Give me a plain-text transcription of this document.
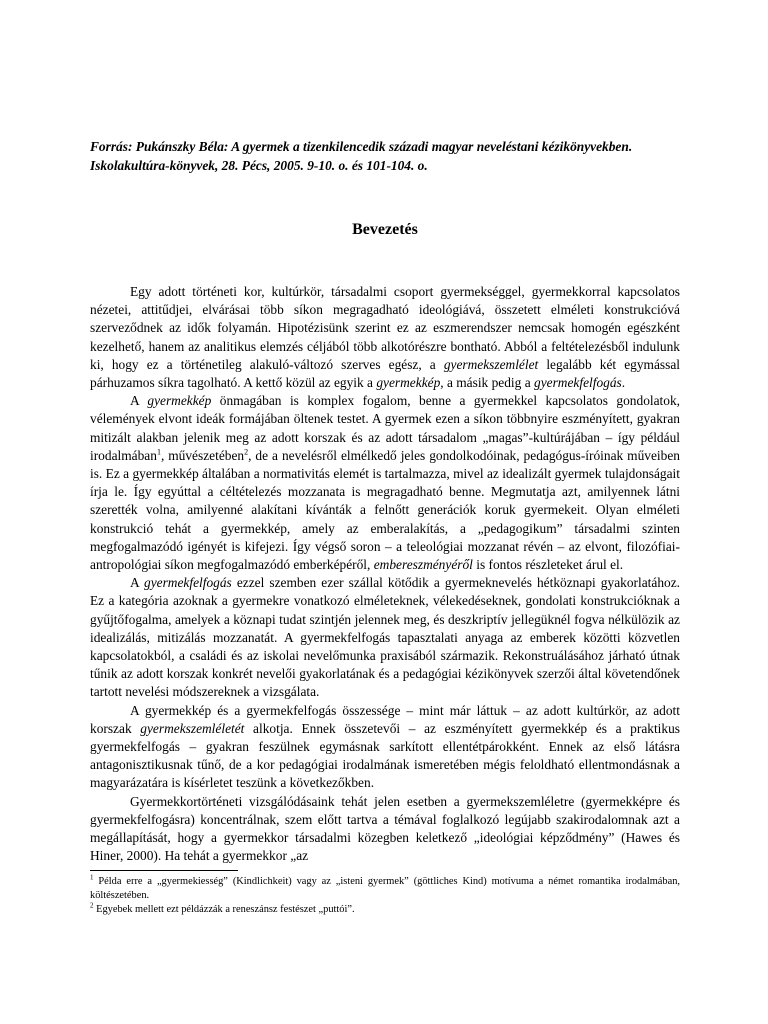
Forrás: Pukánszky Béla: A gyermek a tizenkilencedik századi magyar neveléstani kézikönyvekben. Iskolakultúra-könyvek, 28. Pécs, 2005. 9-10. o. és 101-104. o.

Bevezetés

Egy adott történeti kor, kultúrkör, társadalmi csoport gyermekséggel, gyermekkorral kapcsolatos nézetei, attitűdjei, elvárásai több síkon megragadható ideológiává, összetett elméleti konstrukcióvá szerveződnek az idők folyamán. Hipotézisünk szerint ez az eszmerendszer nemcsak homogén egészként kezelhető, hanem az analitikus elemzés céljából több alkotórészre bontható. Abból a feltételezésből indulunk ki, hogy ez a történetileg alakuló-változó szerves egész, a gyermekszemlélet legalább két egymással párhuzamos síkra tagolható. A kettő közül az egyik a gyermekkép, a másik pedig a gyermekfelfogás.

A gyermekkép önmagában is komplex fogalom, benne a gyermekkel kapcsolatos gondolatok, vélemények elvont ideák formájában öltenek testet. A gyermek ezen a síkon többnyire eszményített, gyakran mitizált alakban jelenik meg az adott korszak és az adott társadalom „magas”-kultúrájában – így például irodalmában$^1$, művészetében$^2$, de a nevelésről elmélkedő jeles gondolkodóinak, pedagógus-íróinak műveiben is. Ez a gyermekkép általában a normativitás elemét is tartalmazza, mivel az idealizált gyermek tulajdonságait írja le. Így egyúttal a céltételezés mozzanata is megragadható benne. Megmutatja azt, amilyennek látni szerették volna, amilyenné alakítani kívánták a felnőtt generációk koruk gyermekeit. Olyan elméleti konstrukció tehát a gyermekkép, amely az emberalakítás, a „pedagogikum” társadalmi szinten megfogalmazódó igényét is kifejezi. Így végső soron – a teleológiai mozzanat révén – az elvont, filozófiai-antropológiai síkon megfogalmazódó emberképéről, embereszményéről is fontos részleteket árul el.

A gyermekfelfogás ezzel szemben ezer szállal kötődik a gyermeknevelés hétköznapi gyakorlatához. Ez a kategória azoknak a gyermekre vonatkozó elméleteknek, vélekedéseknek, gondolati konstrukcióknak a gyűjtőfogalma, amelyek a köznapi tudat szintjén jelennek meg, és deszkriptív jellegüknél fogva nélkülözik az idealizálás, mitizálás mozzanatát. A gyermekfelfogás tapasztalati anyaga az emberek közötti közvetlen kapcsolatokból, a családi és az iskolai nevelőmunka praxisából származik. Rekonstruálásához járható útnak tűnik az adott korszak konkrét nevelői gyakorlatának és a pedagógiai kézikönyvek szerzői által követendőnek tartott nevelési módszereknek a vizsgálata.

A gyermekkép és a gyermekfelfogás összessége – mint már láttuk – az adott kultúrkör, az adott korszak gyermekszemléletét alkotja. Ennek összetevői – az eszményített gyermekkép és a praktikus gyermekfelfogás – gyakran feszülnek egymásnak sarkított ellentétpárokként. Ennek az első látásra antagonisztikusnak tűnő, de a kor pedagógiai irodalmának ismeretében mégis feloldható ellentmondásnak a magyarázatára is kísérletet teszünk a következőkben.

Gyermekkortörténeti vizsgálódásaink tehát jelen esetben a gyermekszemléletre (gyermekképre és gyermekfelfogásra) koncentrálnak, szem előtt tartva a témával foglalkozó legújabb szakirodalomnak azt a megállapítását, hogy a gyermekkor társadalmi közegben keletkező „ideológiai képződmény” (Hawes és Hiner, 2000). Ha tehát a gyermekkor „az

$^1$ Példa erre a „gyermekiesség” (Kindlichkeit) vagy az „isteni gyermek” (göttliches Kind) motívuma a német romantika irodalmában, költészetében.

$^2$ Egyebek mellett ezt példázzák a reneszánsz festészet „puttói”.
